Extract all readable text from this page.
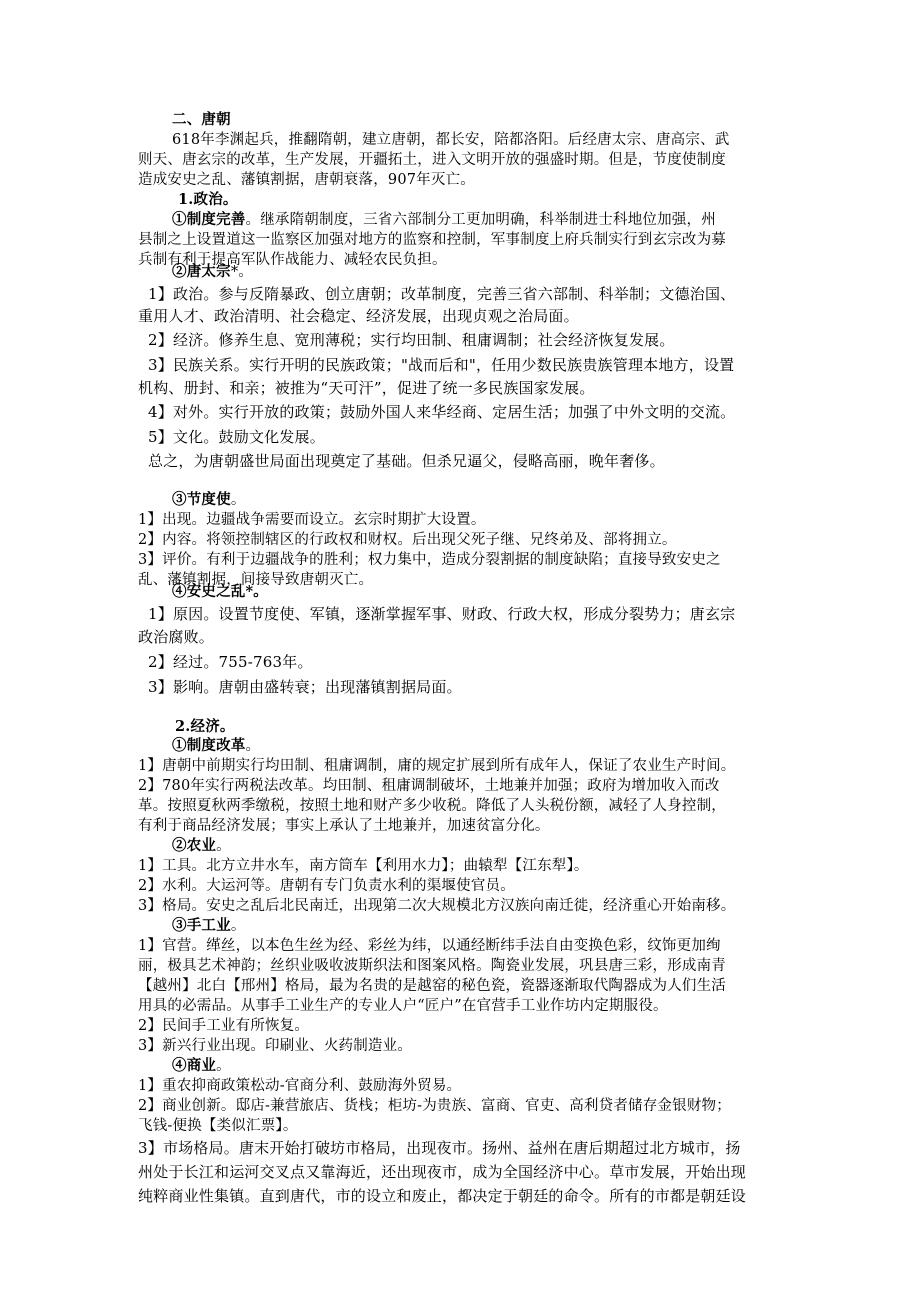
二、唐朝

618年李渊起兵，推翻隋朝，建立唐朝，都长安，陪都洛阳。后经唐太宗、唐高宗、武

则天、唐玄宗的改革，生产发展，开疆拓土，进入文明开放的强盛时期。但是，节度使制度

造成安史之乱、藩镇割据，唐朝衰落，907年灭亡。

1.政治。

①制度完善。继承隋朝制度，三省六部制分工更加明确，科举制进士科地位加强，州

县制之上设置道这一监察区加强对地方的监察和控制，军事制度上府兵制实行到玄宗改为募

兵制有利于提高军队作战能力、减轻农民负担。

②唐太宗*。

1】政治。参与反隋暴政、创立唐朝；改革制度，完善三省六部制、科举制；文德治国、

重用人才、政治清明、社会稳定、经济发展，出现贞观之治局面。

2】经济。修养生息、宽刑薄税；实行均田制、租庸调制；社会经济恢复发展。

3】民族关系。实行开明的民族政策；"战而后和"，任用少数民族贵族管理本地方，设置

机构、册封、和亲；被推为“天可汗”，促进了统一多民族国家发展。

4】对外。实行开放的政策；鼓励外国人来华经商、定居生活；加强了中外文明的交流。

5】文化。鼓励文化发展。

总之，为唐朝盛世局面出现奠定了基础。但杀兄逼父，侵略高丽，晚年奢侈。

③节度使。

1】出现。边疆战争需要而设立。玄宗时期扩大设置。

2】内容。将领控制辖区的行政权和财权。后出现父死子继、兄终弟及、部将拥立。

3】评价。有利于边疆战争的胜利；权力集中，造成分裂割据的制度缺陷；直接导致安史之

乱、藩镇割据，间接导致唐朝灭亡。

④安史之乱*。

1】原因。设置节度使、军镇，逐渐掌握军事、财政、行政大权，形成分裂势力；唐玄宗

政治腐败。

2】经过。755-763年。

3】影响。唐朝由盛转衰；出现藩镇割据局面。

2.经济。

①制度改革。

1】唐朝中前期实行均田制、租庸调制，庸的规定扩展到所有成年人，保证了农业生产时间。

2】780年实行两税法改革。均田制、租庸调制破坏，土地兼并加强；政府为增加收入而改

革。按照夏秋两季缴税，按照土地和财产多少收税。降低了人头税份额，减轻了人身控制，

有利于商品经济发展；事实上承认了土地兼并，加速贫富分化。

②农业。

1】工具。北方立井水车，南方筒车【利用水力】；曲辕犁【江东犁】。

2】水利。大运河等。唐朝有专门负责水利的渠堰使官员。

3】格局。安史之乱后北民南迁，出现第二次大规模北方汉族向南迁徙，经济重心开始南移。

③手工业。

1】官营。缂丝，以本色生丝为经、彩丝为纬，以通经断纬手法自由变换色彩，纹饰更加绚

丽，极具艺术神韵；丝织业吸收波斯织法和图案风格。陶瓷业发展，巩县唐三彩，形成南青

【越州】北白【邢州】格局，最为名贵的是越窑的秘色瓷，瓷器逐渐取代陶器成为人们生活

用具的必需品。从事手工业生产的专业人户“匠户”在官营手工业作坊内定期服役。

2】民间手工业有所恢复。

3】新兴行业出现。印刷业、火药制造业。

④商业。

1】重农抑商政策松动-官商分利、鼓励海外贸易。

2】商业创新。邸店-兼营旅店、货栈；柜坊-为贵族、富商、官吏、高利贷者储存金银财物；

飞钱-便换【类似汇票】。

3】市场格局。唐末开始打破坊市格局，出现夜市。扬州、益州在唐后期超过北方城市，扬

州处于长江和运河交叉点又靠海近，还出现夜市，成为全国经济中心。草市发展，开始出现

纯粹商业性集镇。直到唐代，市的设立和废止，都决定于朝廷的命令。所有的市都是朝廷设
